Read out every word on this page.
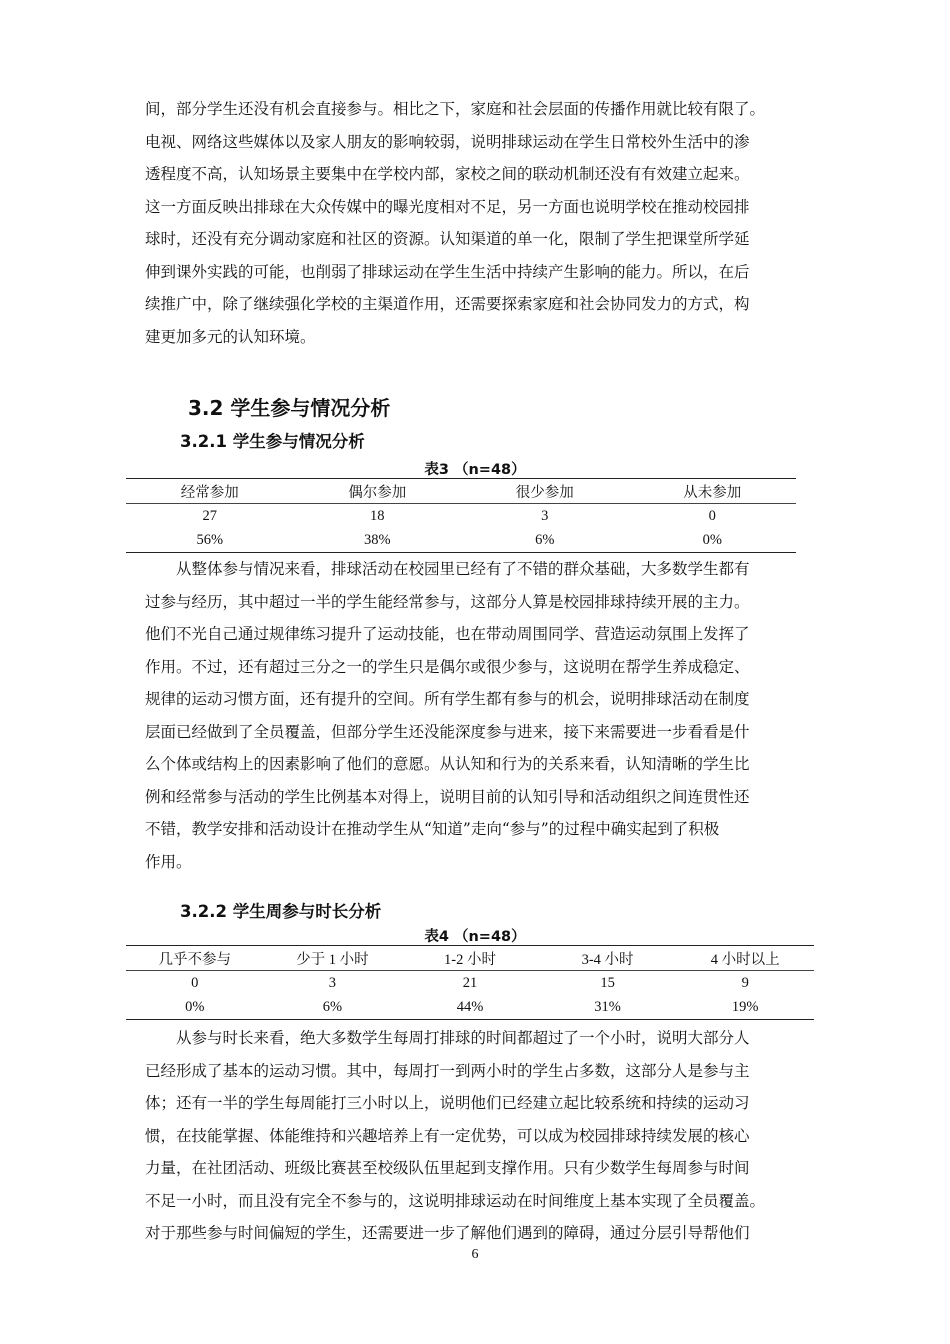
间，部分学生还没有机会直接参与。相比之下，家庭和社会层面的传播作用就比较有限了。
电视、网络这些媒体以及家人朋友的影响较弱，说明排球运动在学生日常校外生活中的渗
透程度不高，认知场景主要集中在学校内部，家校之间的联动机制还没有有效建立起来。
这一方面反映出排球在大众传媒中的曝光度相对不足，另一方面也说明学校在推动校园排
球时，还没有充分调动家庭和社区的资源。认知渠道的单一化，限制了学生把课堂所学延
伸到课外实践的可能，也削弱了排球运动在学生生活中持续产生影响的能力。所以，在后
续推广中，除了继续强化学校的主渠道作用，还需要探索家庭和社会协同发力的方式，构
建更加多元的认知环境。
3.2 学生参与情况分析
3.2.1 学生参与情况分析
表3 （n=48）
经常参加	偶尔参加	很少参加	从未参加
27	18	3	0
56%	38%	6%	0%
从整体参与情况来看，排球活动在校园里已经有了不错的群众基础，大多数学生都有
过参与经历，其中超过一半的学生能经常参与，这部分人算是校园排球持续开展的主力。
他们不光自己通过规律练习提升了运动技能，也在带动周围同学、营造运动氛围上发挥了
作用。不过，还有超过三分之一的学生只是偶尔或很少参与，这说明在帮学生养成稳定、
规律的运动习惯方面，还有提升的空间。所有学生都有参与的机会，说明排球活动在制度
层面已经做到了全员覆盖，但部分学生还没能深度参与进来，接下来需要进一步看看是什
么个体或结构上的因素影响了他们的意愿。从认知和行为的关系来看，认知清晰的学生比
例和经常参与活动的学生比例基本对得上，说明目前的认知引导和活动组织之间连贯性还
不错，教学安排和活动设计在推动学生从“知道”走向“参与”的过程中确实起到了积极
作用。
3.2.2 学生周参与时长分析
表4 （n=48）
几乎不参与	少于 1 小时	1-2 小时	3-4 小时	4 小时以上
0	3	21	15	9
0%	6%	44%	31%	19%
从参与时长来看，绝大多数学生每周打排球的时间都超过了一个小时，说明大部分人
已经形成了基本的运动习惯。其中，每周打一到两小时的学生占多数，这部分人是参与主
体；还有一半的学生每周能打三小时以上，说明他们已经建立起比较系统和持续的运动习
惯，在技能掌握、体能维持和兴趣培养上有一定优势，可以成为校园排球持续发展的核心
力量，在社团活动、班级比赛甚至校级队伍里起到支撑作用。只有少数学生每周参与时间
不足一小时，而且没有完全不参与的，这说明排球运动在时间维度上基本实现了全员覆盖。
对于那些参与时间偏短的学生，还需要进一步了解他们遇到的障碍，通过分层引导帮他们
6
